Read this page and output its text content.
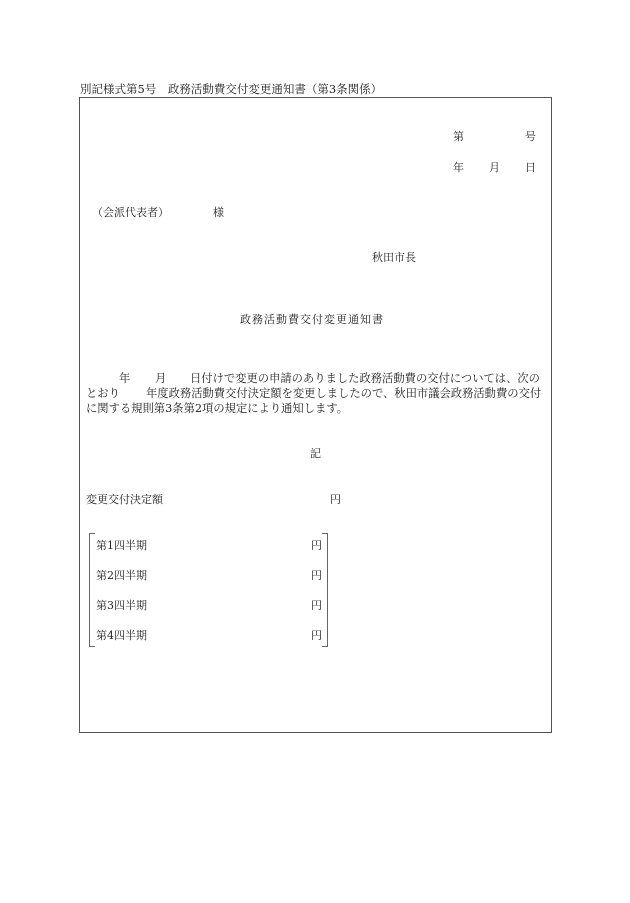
別記様式第5号　政務活動費交付変更通知書（第3条関係）
第	号
年 月 日
（会派代表者）	様
秋田市長
政務活動費交付変更通知書
年 月 日付けで変更の申請のありました政務活動費の交付については、次の
とおり 年度政務活動費交付決定額を変更しましたので、秋田市議会政務活動費の交付
に関する規則第3条第2項の規定により通知します。
記
変更交付決定額	円
第1四半期	円
第2四半期	円
第3四半期	円
第4四半期	円
